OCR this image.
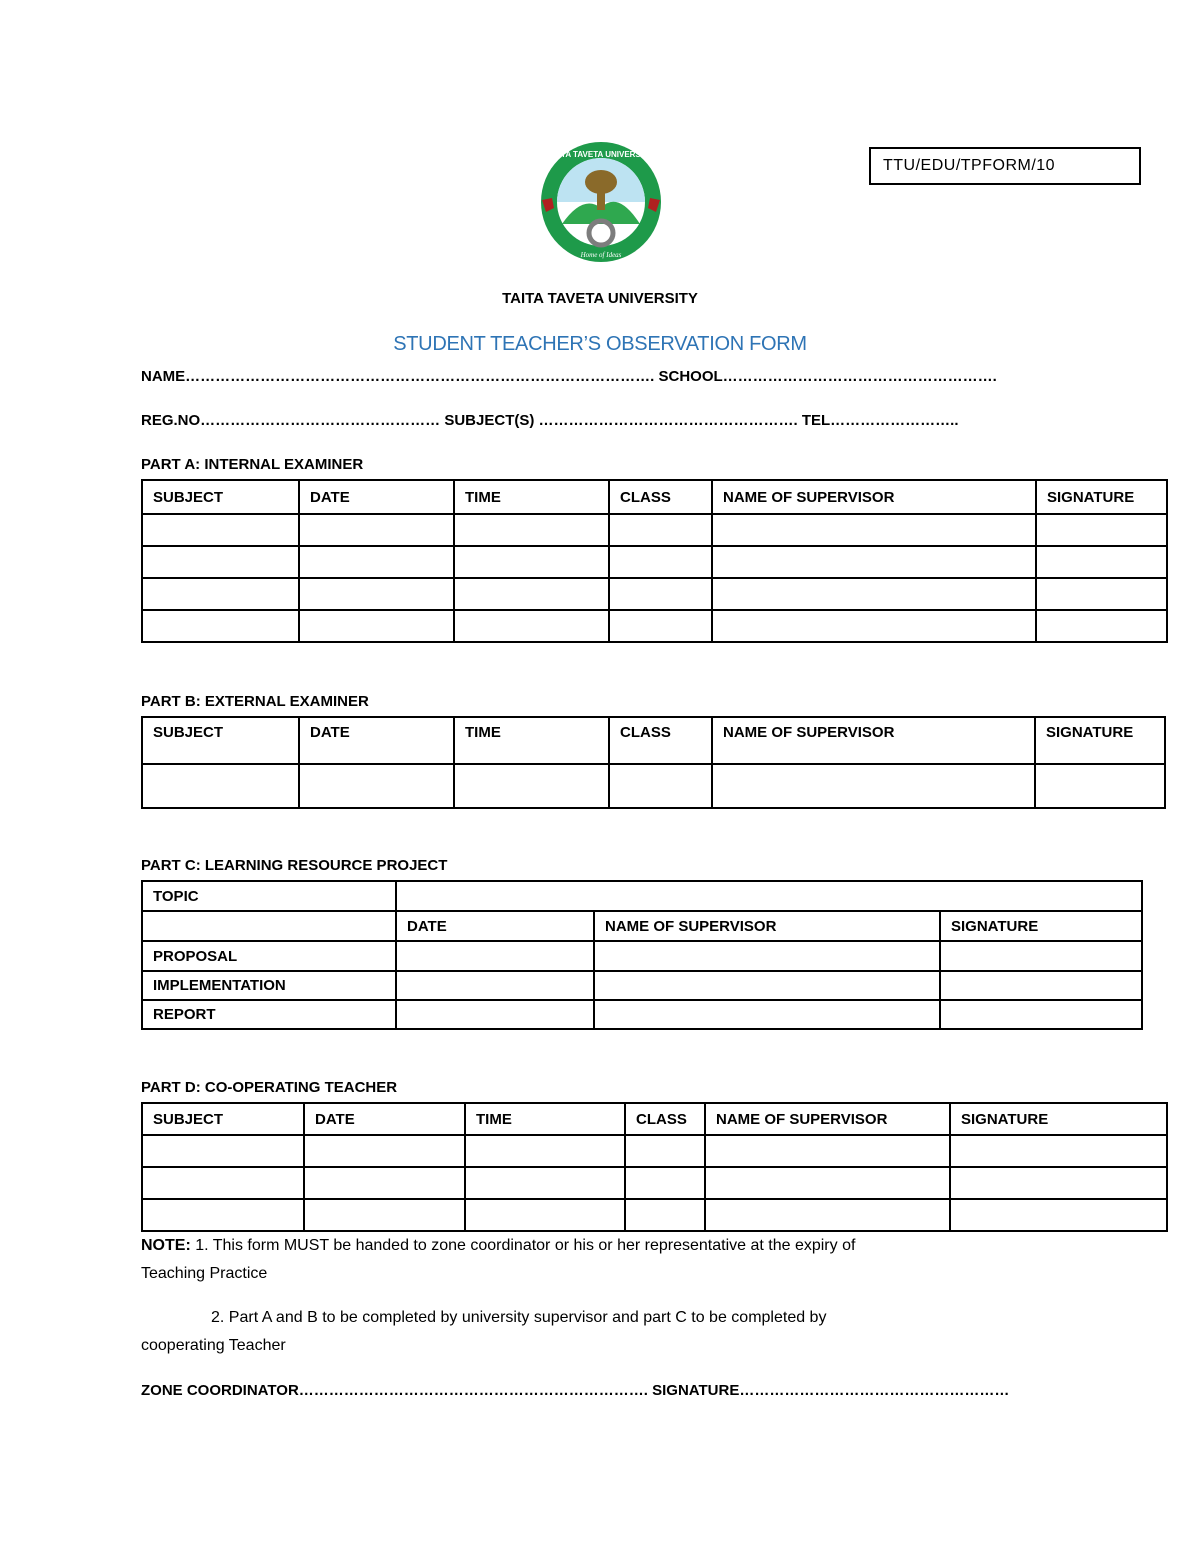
TTU/EDU/TPFORM/10
TAITA TAVETA UNIVERSITY
Home of Ideas
TAITA TAVETA UNIVERSITY
STUDENT TEACHER’S OBSERVATION FORM
NAME…………………………………………………………………………………. SCHOOL……………………………………………….
REG.NO………………………………………… SUBJECT(S) ……………………………………………. TEL……………………..
PART A: INTERNAL EXAMINER
SUBJECT	DATE	TIME	CLASS	NAME OF SUPERVISOR	SIGNATURE

PART B: EXTERNAL EXAMINER
SUBJECT	DATE	TIME	CLASS	NAME OF SUPERVISOR	SIGNATURE

PART C: LEARNING RESOURCE PROJECT
TOPIC			
	DATE	NAME OF SUPERVISOR	SIGNATURE
PROPOSAL			
IMPLEMENTATION			
REPORT			
PART D: CO-OPERATING TEACHER
SUBJECT	DATE	TIME	CLASS	NAME OF SUPERVISOR	SIGNATURE

NOTE: 1. This form MUST be handed to zone coordinator or his or her representative at the expiry of
Teaching Practice
2. Part A and B to be completed by university supervisor and part C to be completed by
cooperating Teacher
ZONE COORDINATOR……………………………………………………………. SIGNATURE………………………………………………
